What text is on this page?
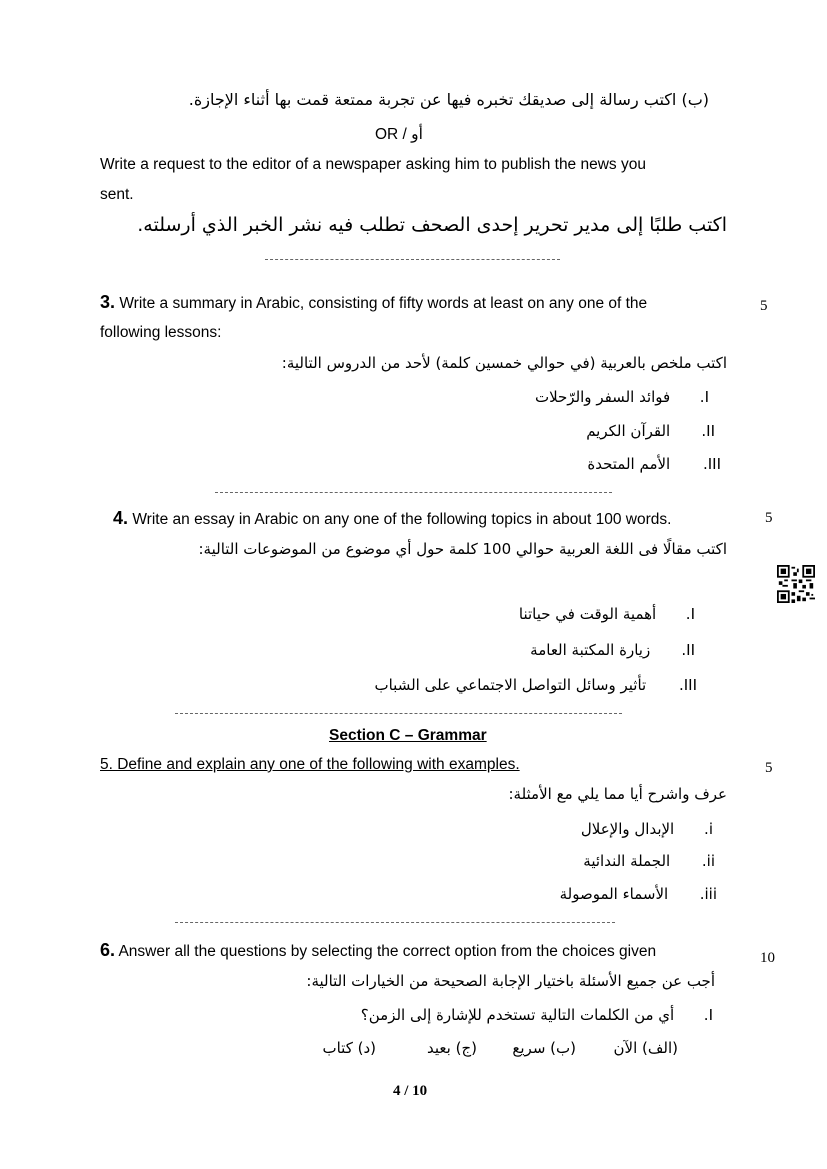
(ب) اكتب رسالة إلى صديقك تخبره فيها عن تجربة ممتعة قمت بها أثناء الإجازة.
OR / أو
Write a request to the editor of a newspaper asking him to publish the news you
sent.
اكتب طلبًا إلى مدير تحرير إحدى الصحف تطلب فيه نشر الخبر الذي أرسلته.
3. Write a summary in Arabic, consisting of fifty words at least on any one of the	5
following lessons:
اكتب ملخص بالعربية (في حوالي خمسين كلمة) لأحد من الدروس التالية:
I. فوائد السفر والرّحلات
II. القرآن الكريم
III. الأمم المتحدة
4. Write an essay in Arabic on any one of the following topics in about 100 words.	5
اكتب مقالًا فى اللغة العربية حوالي 100 كلمة حول أي موضوع من الموضوعات التالية:
I. أهمية الوقت في حياتنا
II. زيارة المكتبة العامة
III. تأثير وسائل التواصل الاجتماعي على الشباب
Section C – Grammar
5. Define and explain any one of the following with examples.	5
عرف واشرح أيا مما يلي مع الأمثلة:
i. الإبدال والإعلال
ii. الجملة الندائية
iii. الأسماء الموصولة
6. Answer all the questions by selecting the correct option from the choices given	10
أجب عن جميع الأسئلة باختيار الإجابة الصحيحة من الخيارات التالية:
I. أي من الكلمات التالية تستخدم للإشارة إلى الزمن؟
(الف) الآن
(ب) سريع
(ج) بعيد
(د) كتاب
4 / 10
